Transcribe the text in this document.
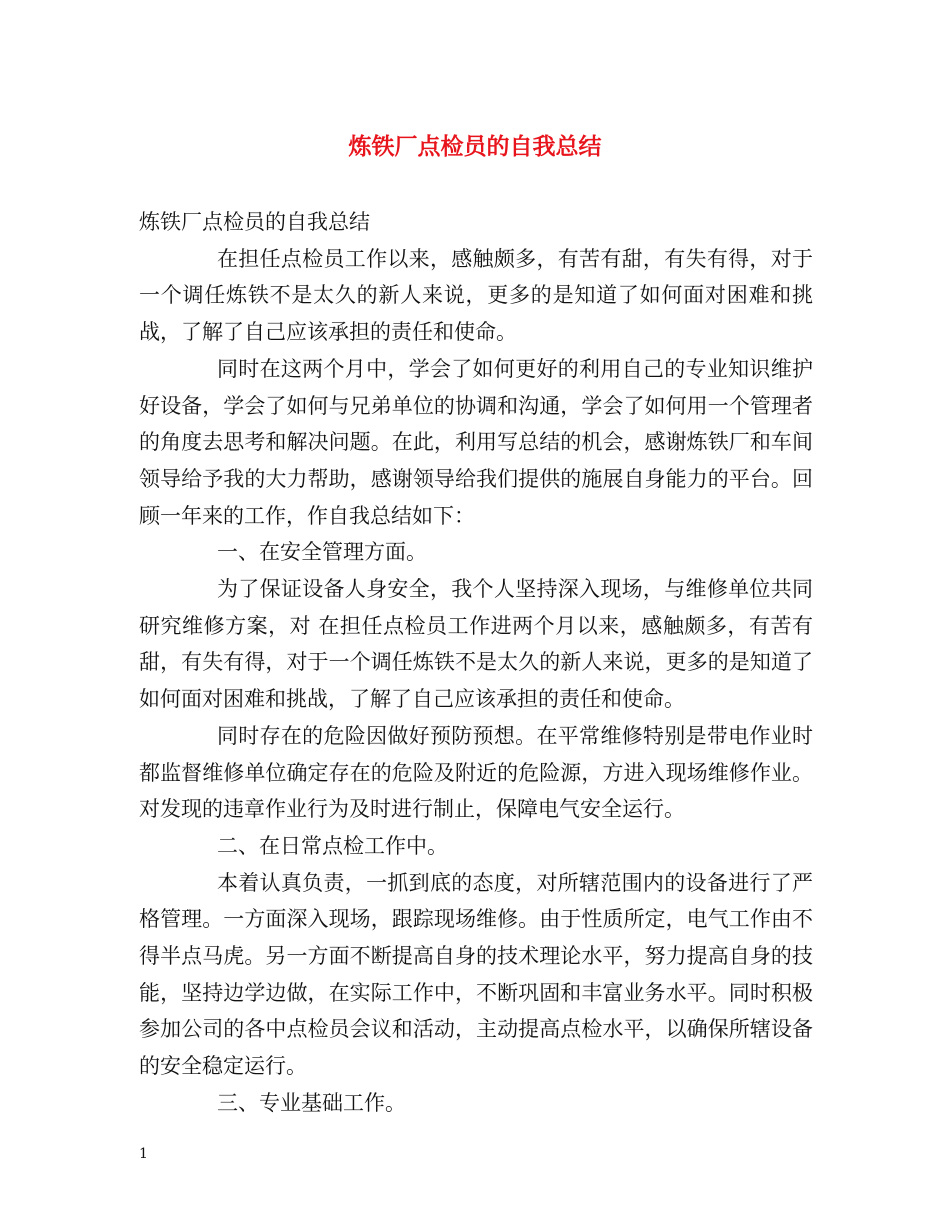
炼铁厂点检员的自我总结

炼铁厂点检员的自我总结

在担任点检员工作以来，感触颇多，有苦有甜，有失有得，对于一个调任炼铁不是太久的新人来说，更多的是知道了如何面对困难和挑战，了解了自己应该承担的责任和使命。

同时在这两个月中，学会了如何更好的利用自己的专业知识维护好设备，学会了如何与兄弟单位的协调和沟通，学会了如何用一个管理者的角度去思考和解决问题。在此，利用写总结的机会，感谢炼铁厂和车间领导给予我的大力帮助，感谢领导给我们提供的施展自身能力的平台。回顾一年来的工作，作自我总结如下：

一、在安全管理方面。

为了保证设备人身安全，我个人坚持深入现场，与维修单位共同研究维修方案，对 在担任点检员工作进两个月以来，感触颇多，有苦有甜，有失有得，对于一个调任炼铁不是太久的新人来说，更多的是知道了如何面对困难和挑战，了解了自己应该承担的责任和使命。

同时存在的危险因做好预防预想。在平常维修特别是带电作业时都监督维修单位确定存在的危险及附近的危险源，方进入现场维修作业。对发现的违章作业行为及时进行制止，保障电气安全运行。

二、在日常点检工作中。

本着认真负责，一抓到底的态度，对所辖范围内的设备进行了严格管理。一方面深入现场，跟踪现场维修。由于性质所定，电气工作由不得半点马虎。另一方面不断提高自身的技术理论水平，努力提高自身的技能，坚持边学边做，在实际工作中，不断巩固和丰富业务水平。同时积极参加公司的各中点检员会议和活动，主动提高点检水平，以确保所辖设备的安全稳定运行。

三、专业基础工作。

1
